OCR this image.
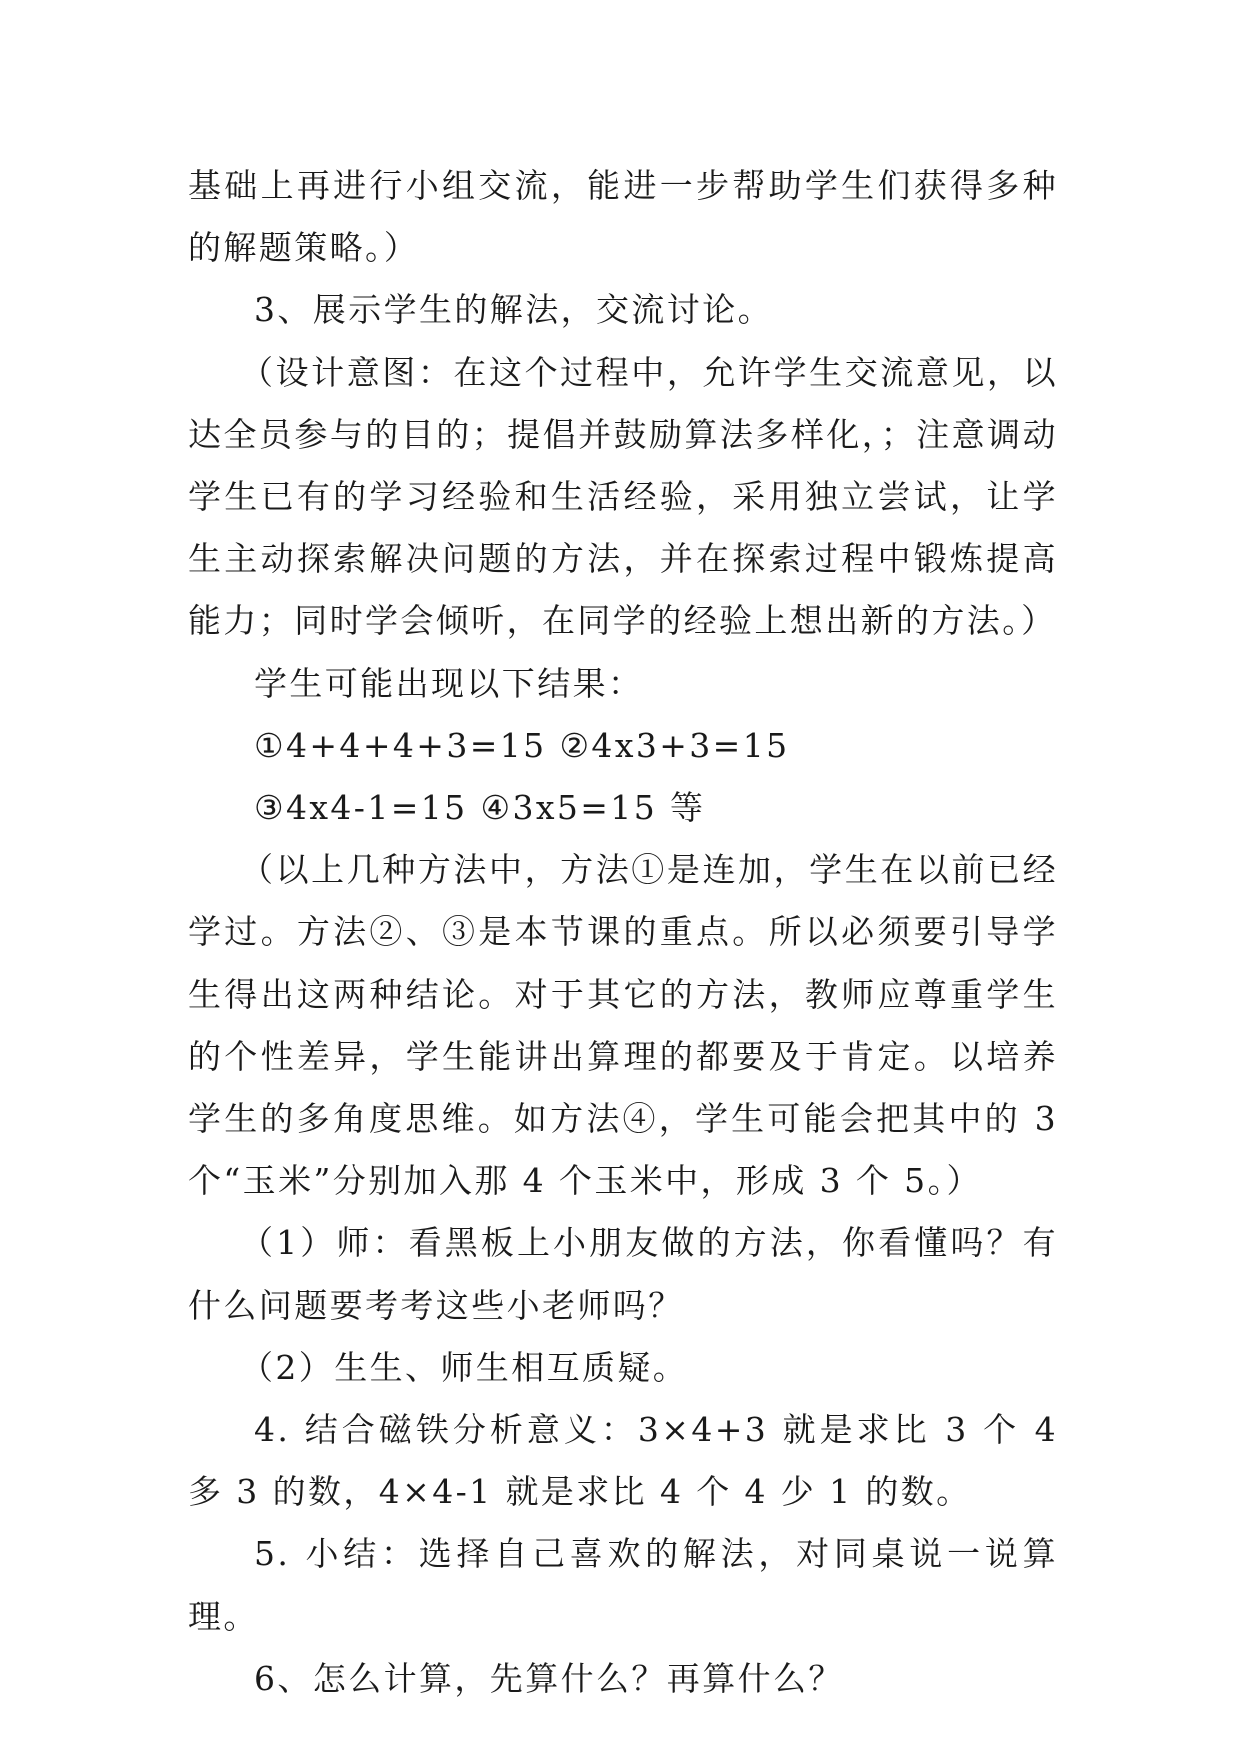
基础上再进行小组交流，能进一步帮助学生们获得多种的解题策略。）

3、展示学生的解法，交流讨论。

（设计意图：在这个过程中，允许学生交流意见，以达全员参与的目的；提倡并鼓励算法多样化，；注意调动学生已有的学习经验和生活经验，采用独立尝试，让学生主动探索解决问题的方法，并在探索过程中锻炼提高能力；同时学会倾听，在同学的经验上想出新的方法。）

学生可能出现以下结果：

①4+4+4+3=15 ②4x3+3=15

③4x4-1=15 ④3x5=15 等

（以上几种方法中，方法①是连加，学生在以前已经学过。方法②、③是本节课的重点。所以必须要引导学生得出这两种结论。对于其它的方法，教师应尊重学生的个性差异，学生能讲出算理的都要及于肯定。以培养学生的多角度思维。如方法④，学生可能会把其中的 3 个“玉米”分别加入那 4 个玉米中，形成 3 个 5。）

（1）师：看黑板上小朋友做的方法，你看懂吗？有什么问题要考考这些小老师吗？

（2）生生、师生相互质疑。

4. 结合磁铁分析意义：3×4+3 就是求比 3 个 4 多 3 的数，4×4-1 就是求比 4 个 4 少 1 的数。

5. 小结：选择自己喜欢的解法，对同桌说一说算理。

6、怎么计算，先算什么？再算什么？
